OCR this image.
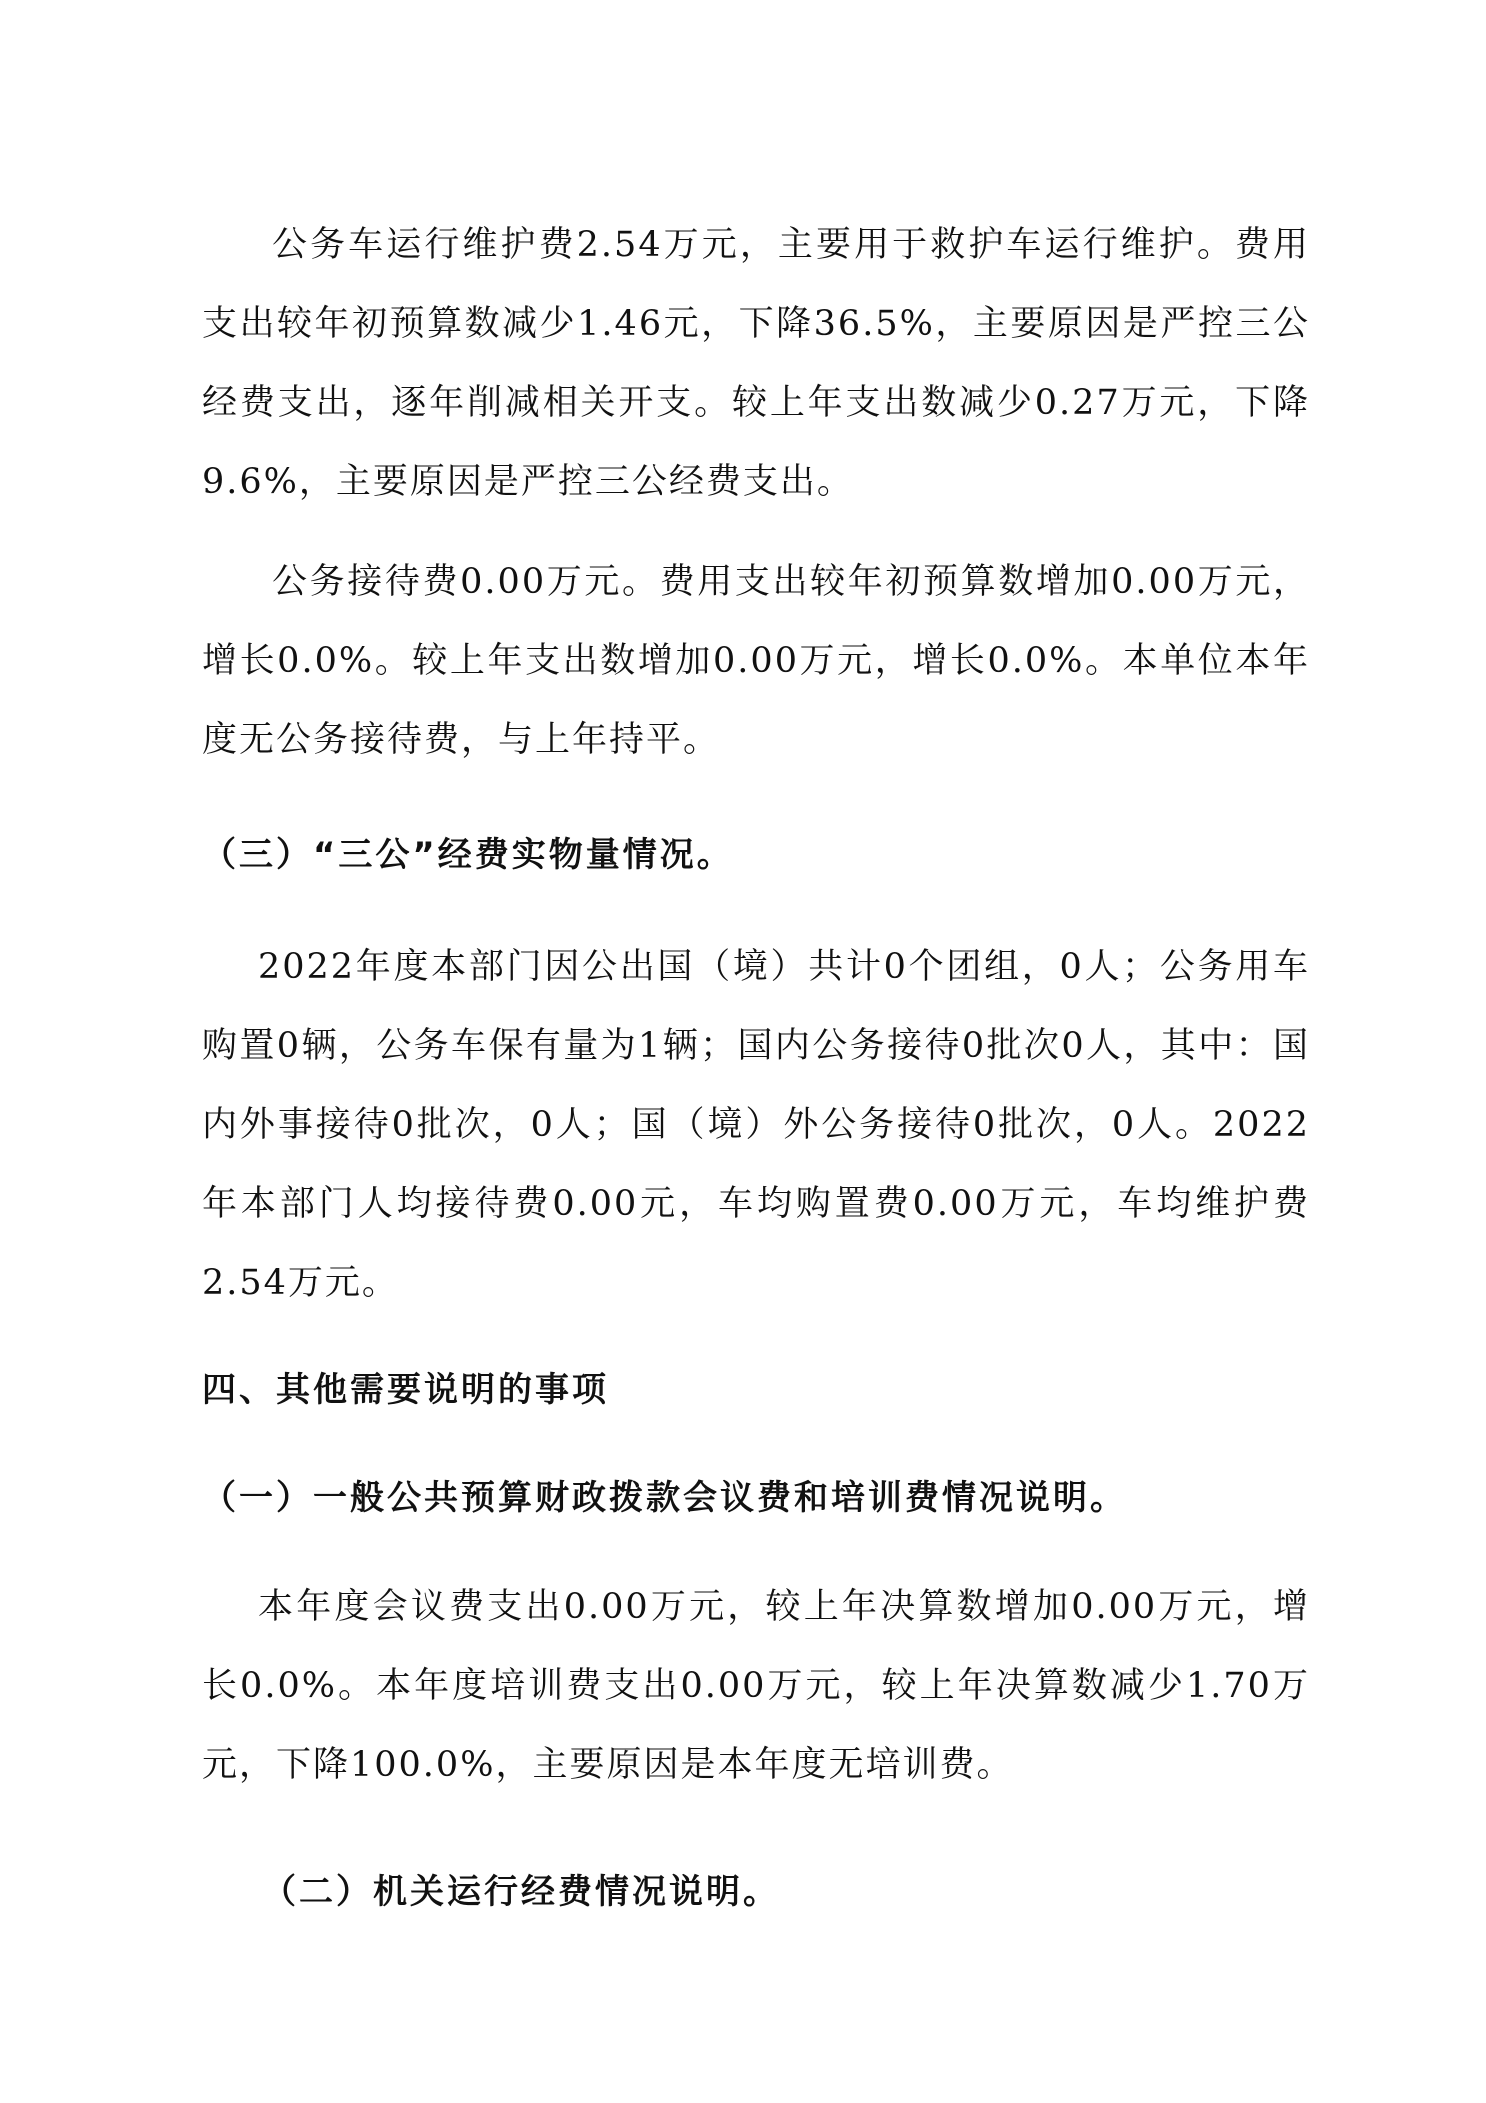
公务车运行维护费2.54万元，主要用于救护车运行维护。费用支出较年初预算数减少1.46元，下降36.5%，主要原因是严控三公经费支出，逐年削减相关开支。较上年支出数减少0.27万元，下降9.6%，主要原因是严控三公经费支出。

公务接待费0.00万元。费用支出较年初预算数增加0.00万元，增长0.0%。较上年支出数增加0.00万元，增长0.0%。本单位本年度无公务接待费，与上年持平。

（三）“三公”经费实物量情况。

2022年度本部门因公出国（境）共计0个团组，0人；公务用车购置0辆，公务车保有量为1辆；国内公务接待0批次0人，其中：国内外事接待0批次，0人；国（境）外公务接待0批次，0人。2022年本部门人均接待费0.00元，车均购置费0.00万元，车均维护费2.54万元。

四、其他需要说明的事项
（一）一般公共预算财政拨款会议费和培训费情况说明。

本年度会议费支出0.00万元，较上年决算数增加0.00万元，增长0.0%。本年度培训费支出0.00万元，较上年决算数减少1.70万元，下降100.0%，主要原因是本年度无培训费。

（二）机关运行经费情况说明。
